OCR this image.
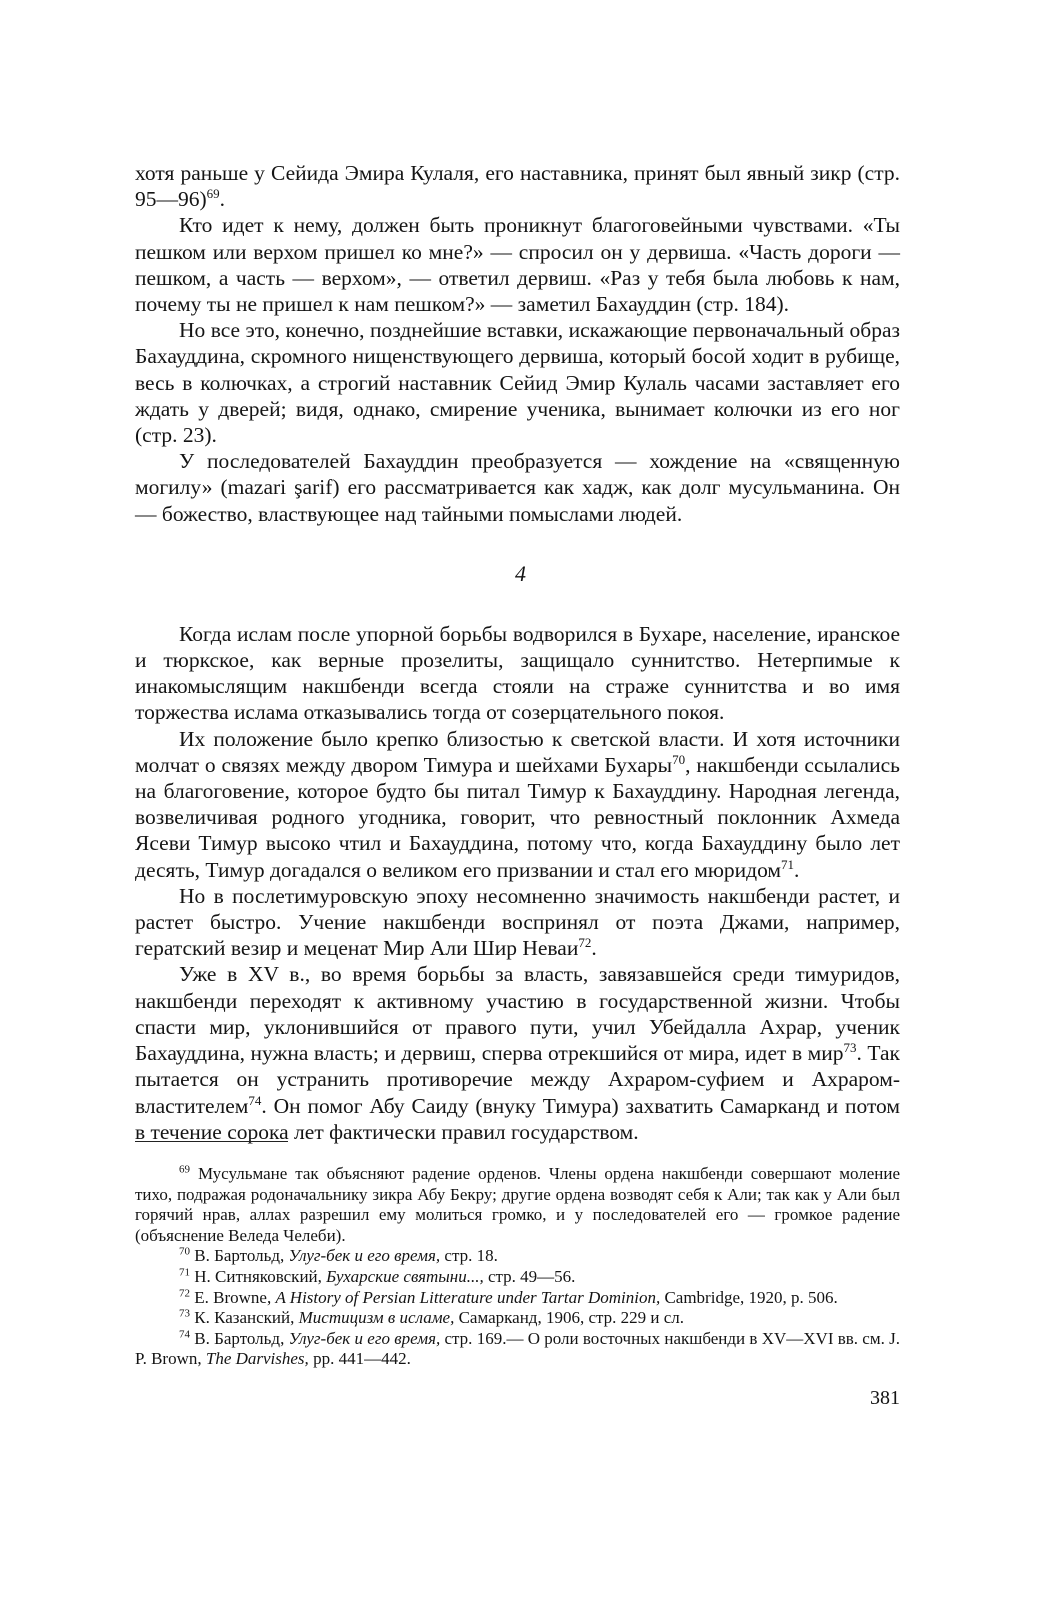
хотя раньше у Сейида Эмира Кулаля, его наставника, принят был явный зикр (стр. 95—96)$^{69}$.

Кто идет к нему, должен быть проникнут благоговейными чувствами. «Ты пешком или верхом пришел ко мне?» — спросил он у дервиша. «Часть дороги — пешком, а часть — верхом», — ответил дервиш. «Раз у тебя была любовь к нам, почему ты не пришел к нам пешком?» — заметил Бахауддин (стр. 184).

Но все это, конечно, позднейшие вставки, искажающие первоначальный образ Бахауддина, скромного нищенствующего дервиша, который босой ходит в рубище, весь в колючках, а строгий наставник Сейид Эмир Кулаль часами заставляет его ждать у дверей; видя, однако, смирение ученика, вынимает колючки из его ног (стр. 23).

У последователей Бахауддин преобразуется — хождение на «священную могилу» (mazari şarif) его рассматривается как хадж, как долг мусульманина. Он — божество, властвующее над тайными помыслами людей.

4

Когда ислам после упорной борьбы водворился в Бухаре, население, иранское и тюркское, как верные прозелиты, защищало суннитство. Нетерпимые к инакомыслящим накшбенди всегда стояли на страже суннитства и во имя торжества ислама отказывались тогда от созерцательного покоя.

Их положение было крепко близостью к светской власти. И хотя источники молчат о связях между двором Тимура и шейхами Бухары$^{70}$, накшбенди ссылались на благоговение, которое будто бы питал Тимур к Бахауддину. Народная легенда, возвеличивая родного угодника, говорит, что ревностный поклонник Ахмеда Ясеви Тимур высоко чтил и Бахауддина, потому что, когда Бахауддину было лет десять, Тимур догадался о великом его призвании и стал его мюридом$^{71}$.

Но в послетимуровскую эпоху несомненно значимость накшбенди растет, и растет быстро. Учение накшбенди воспринял от поэта Джами, например, гератский везир и меценат Мир Али Шир Неваи$^{72}$.

Уже в XV в., во время борьбы за власть, завязавшейся среди тимуридов, накшбенди переходят к активному участию в государственной жизни. Чтобы спасти мир, уклонившийся от правого пути, учил Убейдалла Ахрар, ученик Бахауддина, нужна власть; и дервиш, сперва отрекшийся от мира, идет в мир$^{73}$. Так пытается он устранить противоречие между Ахраром-суфием и Ахраром-властителем$^{74}$. Он помог Абу Саиду (внуку Тимура) захватить Самарканд и потом в течение сорока лет фактически правил государством.

$^{69}$ Мусульмане так объясняют радение орденов. Члены ордена накшбенди совершают моление тихо, подражая родоначальнику зикра Абу Бекру; другие ордена возводят себя к Али; так как у Али был горячий нрав, аллах разрешил ему молиться громко, и у последователей его — громкое радение (объяснение Веледа Челеби).

$^{70}$ В. Бартольд, Улуг-бек и его время, стр. 18.

$^{71}$ Н. Ситняковский, Бухарские святыни..., стр. 49—56.

$^{72}$ E. Browne, A History of Persian Litterature under Tartar Dominion, Cambridge, 1920, p. 506.

$^{73}$ К. Казанский, Мистицизм в исламе, Самарканд, 1906, стр. 229 и сл.

$^{74}$ В. Бартольд, Улуг-бек и его время, стр. 169.— О роли восточных накшбенди в XV—XVI вв. см. J. P. Brown, The Darvishes, pp. 441—442.

381
